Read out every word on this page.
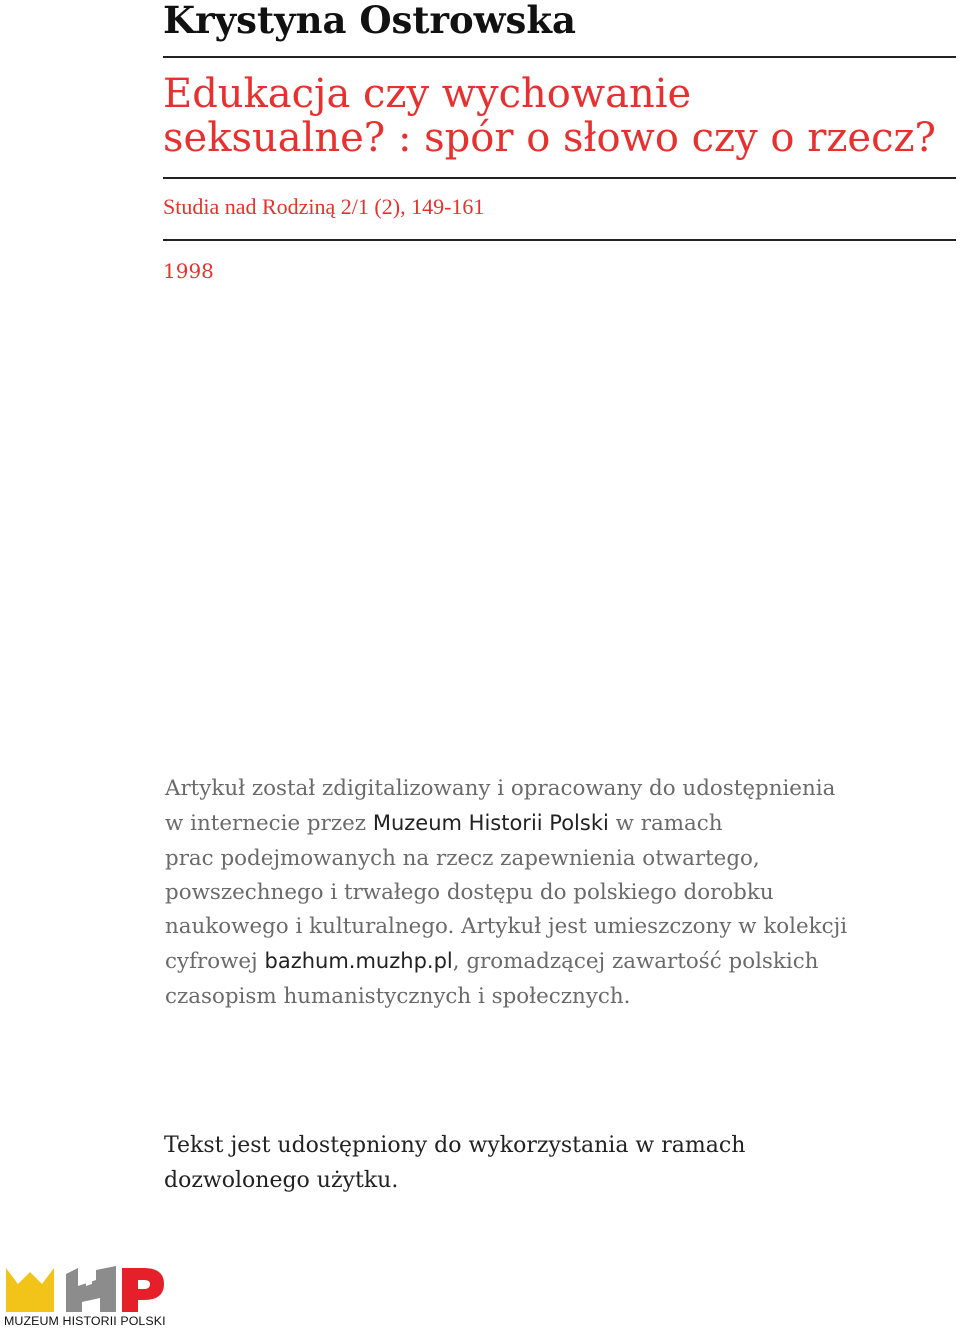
Krystyna Ostrowska
Edukacja czy wychowanie
seksualne? : spór o słowo czy o rzecz?
Studia nad Rodziną 2/1 (2), 149-161
1998

Artykuł został zdigitalizowany i opracowany do udostępnienia
w internecie przez Muzeum Historii Polski w ramach
prac podejmowanych na rzecz zapewnienia otwartego,
powszechnego i trwałego dostępu do polskiego dorobku
naukowego i kulturalnego. Artykuł jest umieszczony w kolekcji
cyfrowej bazhum.muzhp.pl, gromadzącej zawartość polskich
czasopism humanistycznych i społecznych.

Tekst jest udostępniony do wykorzystania w ramach
dozwolonego użytku.

MUZEUM HISTORII POLSKI
